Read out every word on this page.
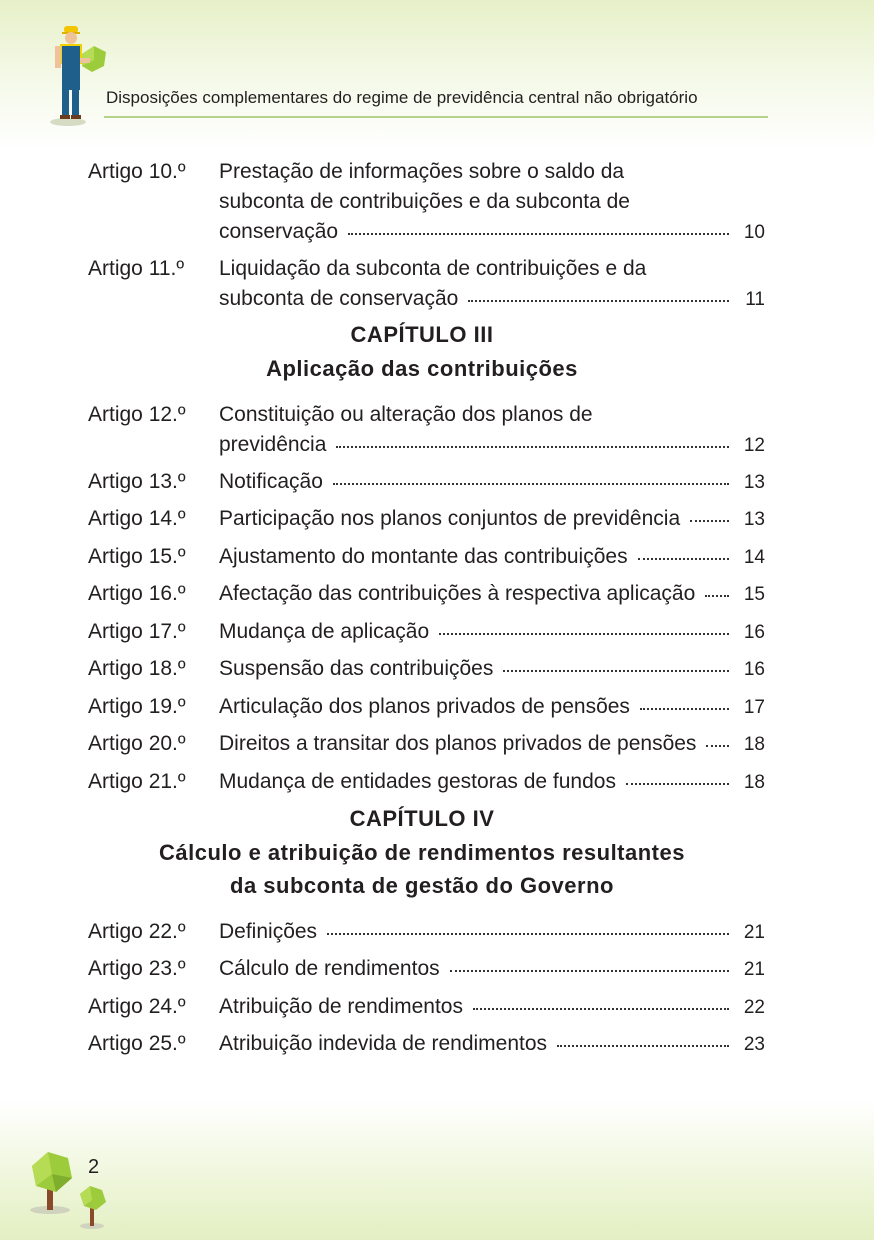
Disposições complementares do regime de previdência central não obrigatório
Artigo 10.º Prestação de informações sobre o saldo da
subconta de contribuições e da subconta de
conservação	10
Artigo 11.º Liquidação da subconta de contribuições e da
subconta de conservação	11
CAPÍTULO III
Aplicação das contribuições
Artigo 12.º Constituição ou alteração dos planos de
previdência	12
Artigo 13.º Notificação	13
Artigo 14.º Participação nos planos conjuntos de previdência	13
Artigo 15.º Ajustamento do montante das contribuições	14
Artigo 16.º Afectação das contribuições à respectiva aplicação	15
Artigo 17.º Mudança de aplicação	16
Artigo 18.º Suspensão das contribuições	16
Artigo 19.º Articulação dos planos privados de pensões	17
Artigo 20.º Direitos a transitar dos planos privados de pensões 18
Artigo 21.º Mudança de entidades gestoras de fundos	18
CAPÍTULO IV
Cálculo e atribuição de rendimentos resultantes
da subconta de gestão do Governo
Artigo 22.º Definições	21
Artigo 23.º Cálculo de rendimentos	21
Artigo 24.º Atribuição de rendimentos	22
Artigo 25.º Atribuição indevida de rendimentos	23
2
